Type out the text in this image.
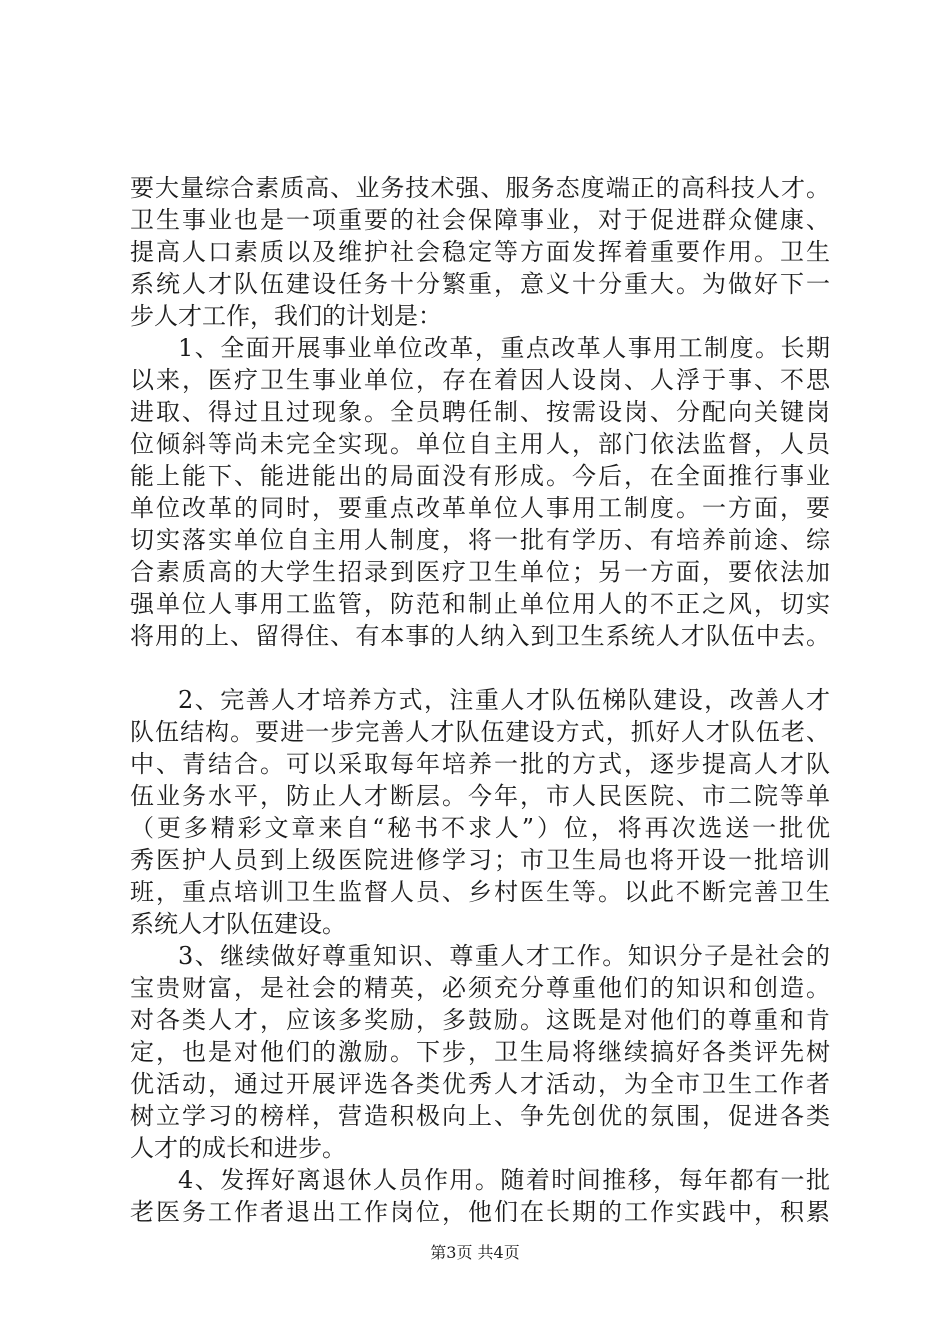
要大量综合素质高、业务技术强、服务态度端正的高科技人才。
卫生事业也是一项重要的社会保障事业，对于促进群众健康、
提高人口素质以及维护社会稳定等方面发挥着重要作用。卫生
系统人才队伍建设任务十分繁重，意义十分重大。为做好下一
步人才工作，我们的计划是：
1、全面开展事业单位改革，重点改革人事用工制度。长期
以来，医疗卫生事业单位，存在着因人设岗、人浮于事、不思
进取、得过且过现象。全员聘任制、按需设岗、分配向关键岗
位倾斜等尚未完全实现。单位自主用人，部门依法监督，人员
能上能下、能进能出的局面没有形成。今后，在全面推行事业
单位改革的同时，要重点改革单位人事用工制度。一方面，要
切实落实单位自主用人制度，将一批有学历、有培养前途、综
合素质高的大学生招录到医疗卫生单位；另一方面，要依法加
强单位人事用工监管，防范和制止单位用人的不正之风，切实
将用的上、留得住、有本事的人纳入到卫生系统人才队伍中去。
2、完善人才培养方式，注重人才队伍梯队建设，改善人才
队伍结构。要进一步完善人才队伍建设方式，抓好人才队伍老、
中、青结合。可以采取每年培养一批的方式，逐步提高人才队
伍业务水平，防止人才断层。今年，市人民医院、市二院等单
（更多精彩文章来自“秘书不求人”）位，将再次选送一批优
秀医护人员到上级医院进修学习；市卫生局也将开设一批培训
班，重点培训卫生监督人员、乡村医生等。以此不断完善卫生
系统人才队伍建设。
3、继续做好尊重知识、尊重人才工作。知识分子是社会的
宝贵财富，是社会的精英，必须充分尊重他们的知识和创造。
对各类人才，应该多奖励，多鼓励。这既是对他们的尊重和肯
定，也是对他们的激励。下步，卫生局将继续搞好各类评先树
优活动，通过开展评选各类优秀人才活动，为全市卫生工作者
树立学习的榜样，营造积极向上、争先创优的氛围，促进各类
人才的成长和进步。
4、发挥好离退休人员作用。随着时间推移，每年都有一批
老医务工作者退出工作岗位，他们在长期的工作实践中，积累
第3页 共4页
